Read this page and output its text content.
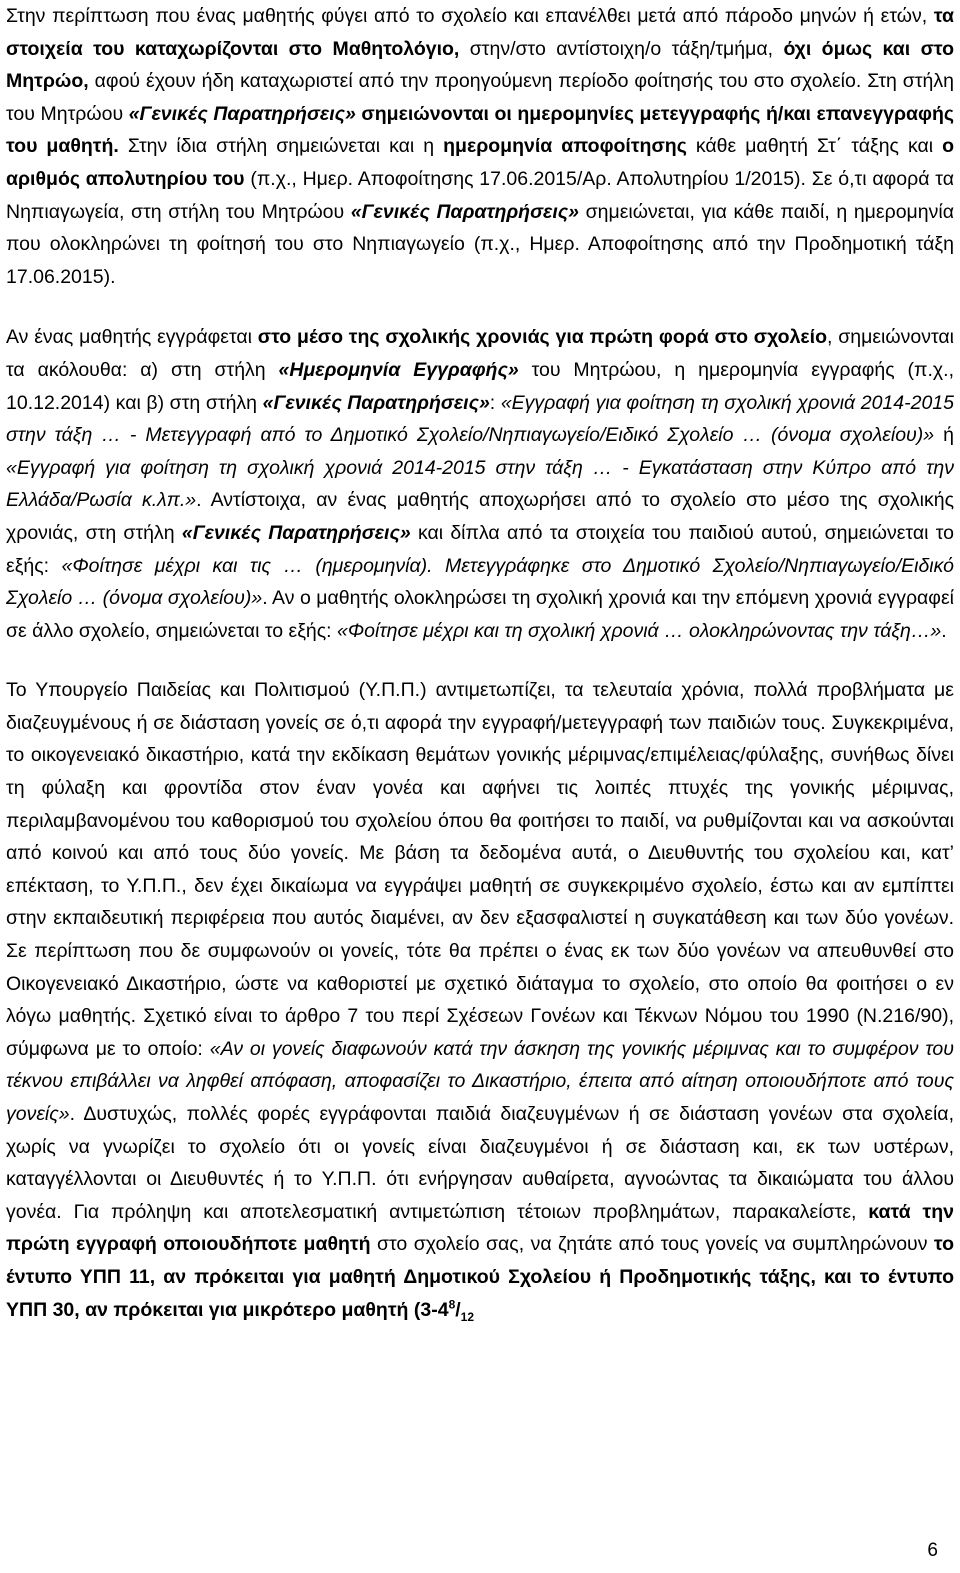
Στην περίπτωση που ένας μαθητής φύγει από το σχολείο και επανέλθει μετά από πάροδο μηνών ή ετών, τα στοιχεία του καταχωρίζονται στο Μαθητολόγιο, στην/στο αντίστοιχη/ο τάξη/τμήμα, όχι όμως και στο Μητρώο, αφού έχουν ήδη καταχωριστεί από την προηγούμενη περίοδο φοίτησής του στο σχολείο. Στη στήλη του Μητρώου «Γενικές Παρατηρήσεις» σημειώνονται οι ημερομηνίες μετεγγραφής ή/και επανεγγραφής του μαθητή. Στην ίδια στήλη σημειώνεται και η ημερομηνία αποφοίτησης κάθε μαθητή Στ΄ τάξης και ο αριθμός απολυτηρίου του (π.χ., Ημερ. Αποφοίτησης 17.06.2015/Αρ. Απολυτηρίου 1/2015). Σε ό,τι αφορά τα Νηπιαγωγεία, στη στήλη του Μητρώου «Γενικές Παρατηρήσεις» σημειώνεται, για κάθε παιδί, η ημερομηνία που ολοκληρώνει τη φοίτησή του στο Νηπιαγωγείο (π.χ., Ημερ. Αποφοίτησης από την Προδημοτική τάξη 17.06.2015).

Αν ένας μαθητής εγγράφεται στο μέσο της σχολικής χρονιάς για πρώτη φορά στο σχολείο, σημειώνονται τα ακόλουθα: α) στη στήλη «Ημερομηνία Εγγραφής» του Μητρώου, η ημερομηνία εγγραφής (π.χ., 10.12.2014) και β) στη στήλη «Γενικές Παρατηρήσεις»: «Εγγραφή για φοίτηση τη σχολική χρονιά 2014-2015 στην τάξη … - Μετεγγραφή από το Δημοτικό Σχολείο/Νηπιαγωγείο/Ειδικό Σχολείο … (όνομα σχολείου)» ή «Εγγραφή για φοίτηση τη σχολική χρονιά 2014-2015 στην τάξη … - Εγκατάσταση στην Κύπρο από την Ελλάδα/Ρωσία κ.λπ.». Αντίστοιχα, αν ένας μαθητής αποχωρήσει από το σχολείο στο μέσο της σχολικής χρονιάς, στη στήλη «Γενικές Παρατηρήσεις» και δίπλα από τα στοιχεία του παιδιού αυτού, σημειώνεται το εξής: «Φοίτησε μέχρι και τις … (ημερομηνία). Μετεγγράφηκε στο Δημοτικό Σχολείο/Νηπιαγωγείο/Ειδικό Σχολείο … (όνομα σχολείου)». Αν ο μαθητής ολοκληρώσει τη σχολική χρονιά και την επόμενη χρονιά εγγραφεί σε άλλο σχολείο, σημειώνεται το εξής: «Φοίτησε μέχρι και τη σχολική χρονιά … ολοκληρώνοντας την τάξη…».

Το Υπουργείο Παιδείας και Πολιτισμού (Υ.Π.Π.) αντιμετωπίζει, τα τελευταία χρόνια, πολλά προβλήματα με διαζευγμένους ή σε διάσταση γονείς σε ό,τι αφορά την εγγραφή/μετεγγραφή των παιδιών τους. Συγκεκριμένα, το οικογενειακό δικαστήριο, κατά την εκδίκαση θεμάτων γονικής μέριμνας/επιμέλειας/φύλαξης, συνήθως δίνει τη φύλαξη και φροντίδα στον έναν γονέα και αφήνει τις λοιπές πτυχές της γονικής μέριμνας, περιλαμβανομένου του καθορισμού του σχολείου όπου θα φοιτήσει το παιδί, να ρυθμίζονται και να ασκούνται από κοινού και από τους δύο γονείς. Με βάση τα δεδομένα αυτά, ο Διευθυντής του σχολείου και, κατ’ επέκταση, το Υ.Π.Π., δεν έχει δικαίωμα να εγγράψει μαθητή σε συγκεκριμένο σχολείο, έστω και αν εμπίπτει στην εκπαιδευτική περιφέρεια που αυτός διαμένει, αν δεν εξασφαλιστεί η συγκατάθεση και των δύο γονέων. Σε περίπτωση που δε συμφωνούν οι γονείς, τότε θα πρέπει ο ένας εκ των δύο γονέων να απευθυνθεί στο Οικογενειακό Δικαστήριο, ώστε να καθοριστεί με σχετικό διάταγμα το σχολείο, στο οποίο θα φοιτήσει ο εν λόγω μαθητής. Σχετικό είναι το άρθρο 7 του περί Σχέσεων Γονέων και Τέκνων Νόμου του 1990 (Ν.216/90), σύμφωνα με το οποίο: «Αν οι γονείς διαφωνούν κατά την άσκηση της γονικής μέριμνας και το συμφέρον του τέκνου επιβάλλει να ληφθεί απόφαση, αποφασίζει το Δικαστήριο, έπειτα από αίτηση οποιουδήποτε από τους γονείς». Δυστυχώς, πολλές φορές εγγράφονται παιδιά διαζευγμένων ή σε διάσταση γονέων στα σχολεία, χωρίς να γνωρίζει το σχολείο ότι οι γονείς είναι διαζευγμένοι ή σε διάσταση και, εκ των υστέρων, καταγγέλλονται οι Διευθυντές ή το Υ.Π.Π. ότι ενήργησαν αυθαίρετα, αγνοώντας τα δικαιώματα του άλλου γονέα. Για πρόληψη και αποτελεσματική αντιμετώπιση τέτοιων προβλημάτων, παρακαλείστε, κατά την πρώτη εγγραφή οποιουδήποτε μαθητή στο σχολείο σας, να ζητάτε από τους γονείς να συμπληρώνουν το έντυπο ΥΠΠ 11, αν πρόκειται για μαθητή Δημοτικού Σχολείου ή Προδημοτικής τάξης, και το έντυπο ΥΠΠ 30, αν πρόκειται για μικρότερο μαθητή ($3-4^8/_{12}$

6
